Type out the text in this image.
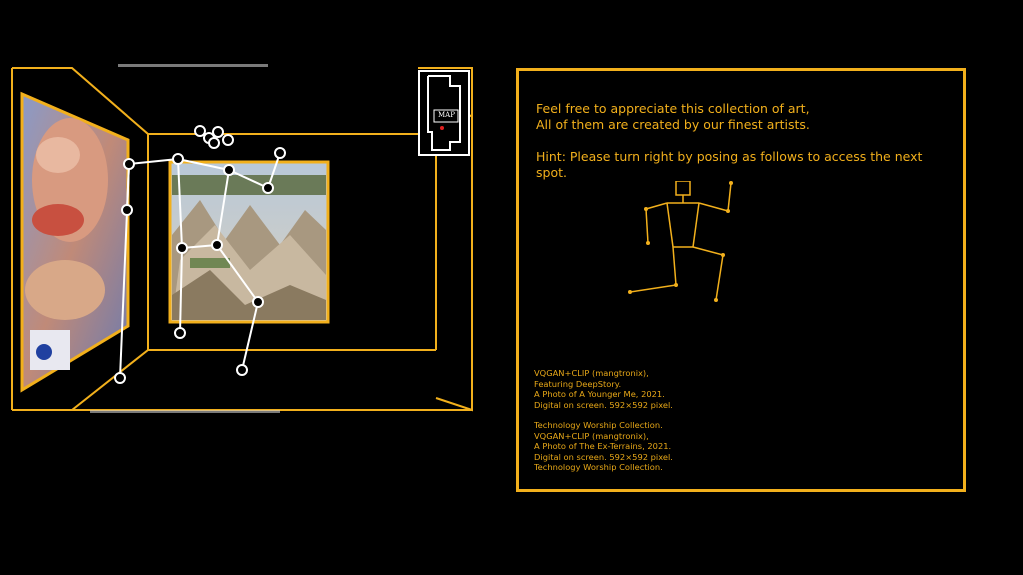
MAP	Feel free to appreciate this collection of art,

All of them are created by our finest artists.

Hint: Please turn right by posing as follows to access the next spot.

VQGAN+CLIP (mangtronix),
Featuring DeepStory.
A Photo of A Younger Me, 2021.
Digital on screen. 592×592 pixel.
Technology Worship Collection.
VQGAN+CLIP (mangtronix),
A Photo of The Ex-Terrains, 2021.
Digital on screen. 592×592 pixel.
Technology Worship Collection.
